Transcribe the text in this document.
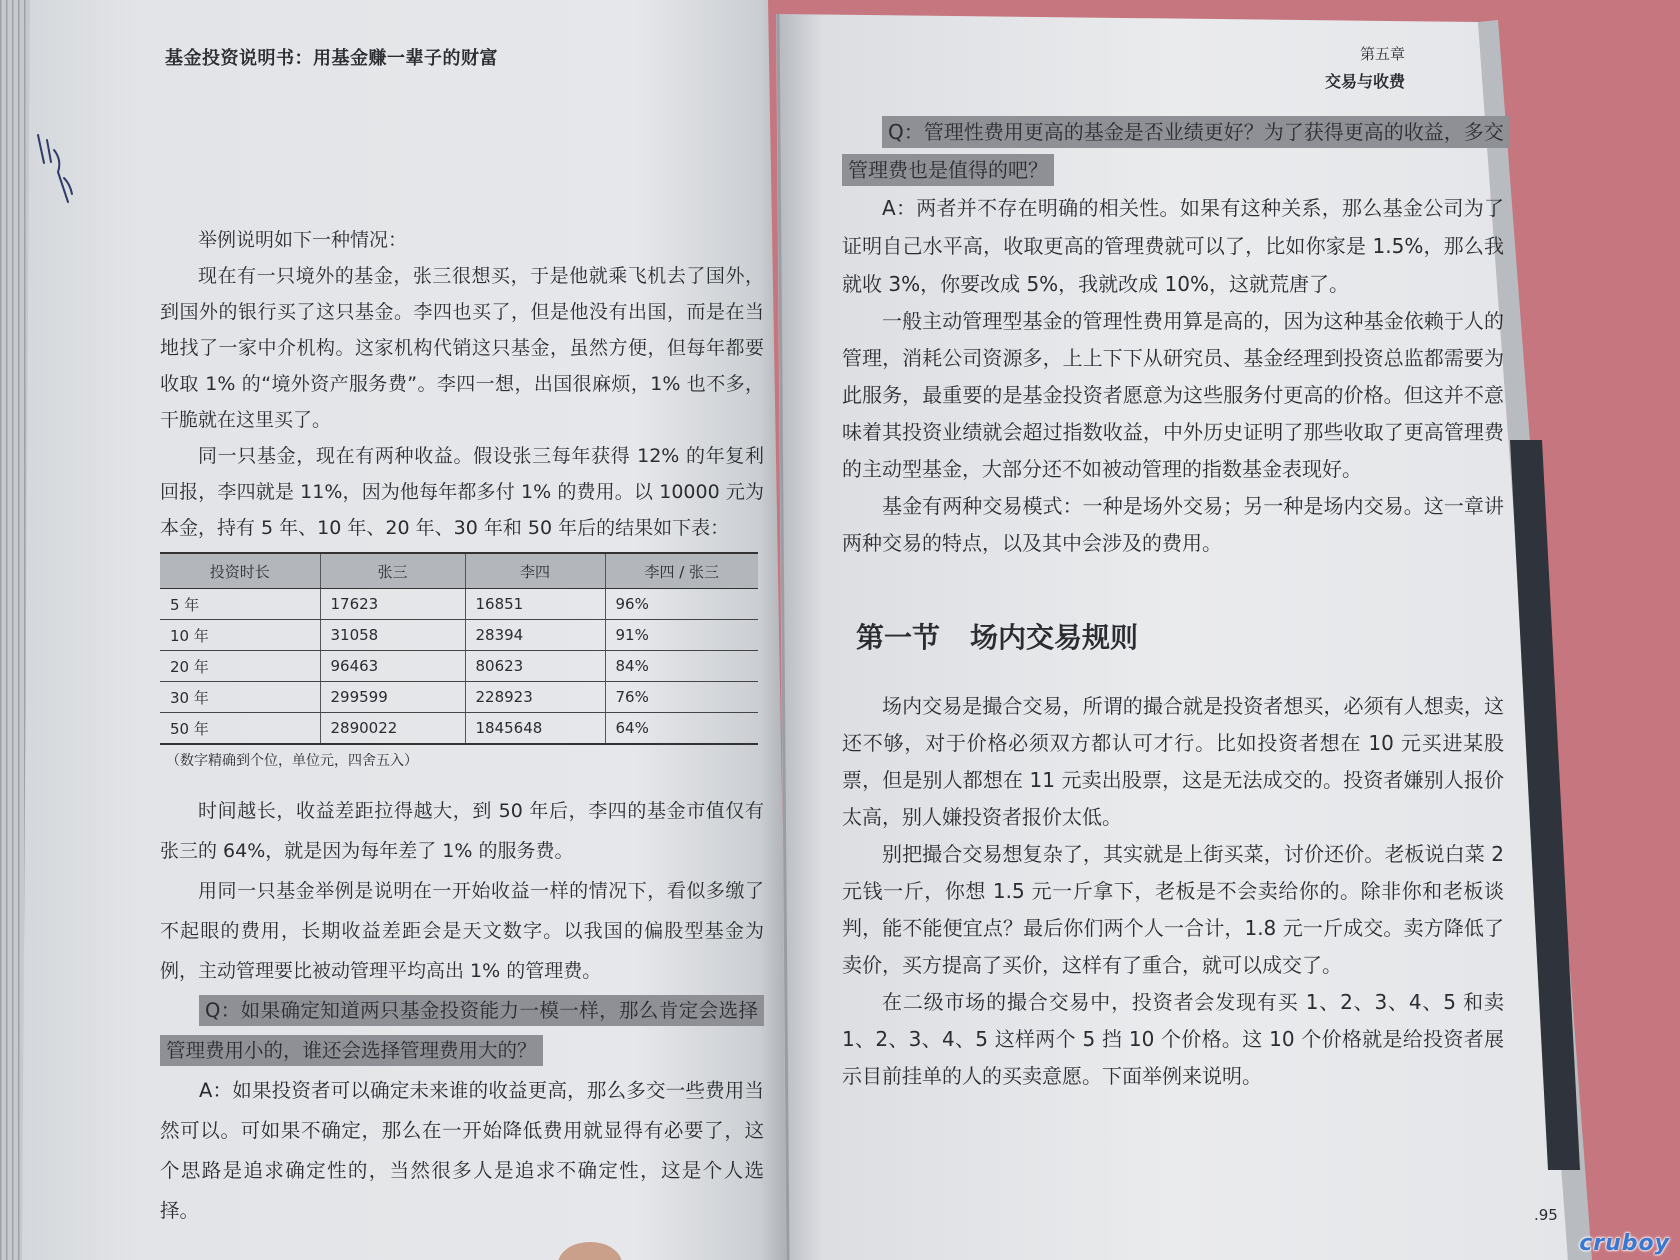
基金投资说明书：用基金赚一辈子的财富

举例说明如下一种情况：

现在有一只境外的基金，张三很想买，于是他就乘飞机去了国外，到国外的银行买了这只基金。李四也买了，但是他没有出国，而是在当地找了一家中介机构。这家机构代销这只基金，虽然方便，但每年都要收取 1% 的“境外资产服务费”。李四一想，出国很麻烦，1% 也不多，干脆就在这里买了。

同一只基金，现在有两种收益。假设张三每年获得 12% 的年复利回报，李四就是 11%，因为他每年都多付 1% 的费用。以 10000 元为本金，持有 5 年、10 年、20 年、30 年和 50 年后的结果如下表：

投资时长	张三	李四	李四 / 张三
5 年	17623	16851	96%
10 年	31058	28394	91%
20 年	96463	80623	84%
30 年	299599	228923	76%
50 年	2890022	1845648	64%

（数字精确到个位，单位元，四舍五入）

时间越长，收益差距拉得越大，到 50 年后，李四的基金市值仅有张三的 64%，就是因为每年差了 1% 的服务费。

用同一只基金举例是说明在一开始收益一样的情况下，看似多缴了不起眼的费用，长期收益差距会是天文数字。以我国的偏股型基金为例，主动管理要比被动管理平均高出 1% 的管理费。

Q：如果确定知道两只基金投资能力一模一样，那么肯定会选择管理费用小的，谁还会选择管理费用大的？

A：如果投资者可以确定未来谁的收益更高，那么多交一些费用当然可以。可如果不确定，那么在一开始降低费用就显得有必要了，这个思路是追求确定性的，当然很多人是追求不确定性，这是个人选择。

第五章
交易与收费

Q：管理性费用更高的基金是否业绩更好？为了获得更高的收益，多交管理费也是值得的吧？

A：两者并不存在明确的相关性。如果有这种关系，那么基金公司为了证明自己水平高，收取更高的管理费就可以了，比如你家是 1.5%，那么我就收 3%，你要改成 5%，我就改成 10%，这就荒唐了。

一般主动管理型基金的管理性费用算是高的，因为这种基金依赖于人的管理，消耗公司资源多，上上下下从研究员、基金经理到投资总监都需要为此服务，最重要的是基金投资者愿意为这些服务付更高的价格。但这并不意味着其投资业绩就会超过指数收益，中外历史证明了那些收取了更高管理费的主动型基金，大部分还不如被动管理的指数基金表现好。

基金有两种交易模式：一种是场外交易；另一种是场内交易。这一章讲两种交易的特点，以及其中会涉及的费用。

第一节 场内交易规则

场内交易是撮合交易，所谓的撮合就是投资者想买，必须有人想卖，这还不够，对于价格必须双方都认可才行。比如投资者想在 10 元买进某股票，但是别人都想在 11 元卖出股票，这是无法成交的。投资者嫌别人报价太高，别人嫌投资者报价太低。

别把撮合交易想复杂了，其实就是上街买菜，讨价还价。老板说白菜 2 元钱一斤，你想 1.5 元一斤拿下，老板是不会卖给你的。除非你和老板谈判，能不能便宜点？最后你们两个人一合计，1.8 元一斤成交。卖方降低了卖价，买方提高了买价，这样有了重合，就可以成交了。

在二级市场的撮合交易中，投资者会发现有买 1、2、3、4、5 和卖 1、2、3、4、5 这样两个 5 挡 10 个价格。这 10 个价格就是给投资者展示目前挂单的人的买卖意愿。下面举例来说明。

.95
cruboy
